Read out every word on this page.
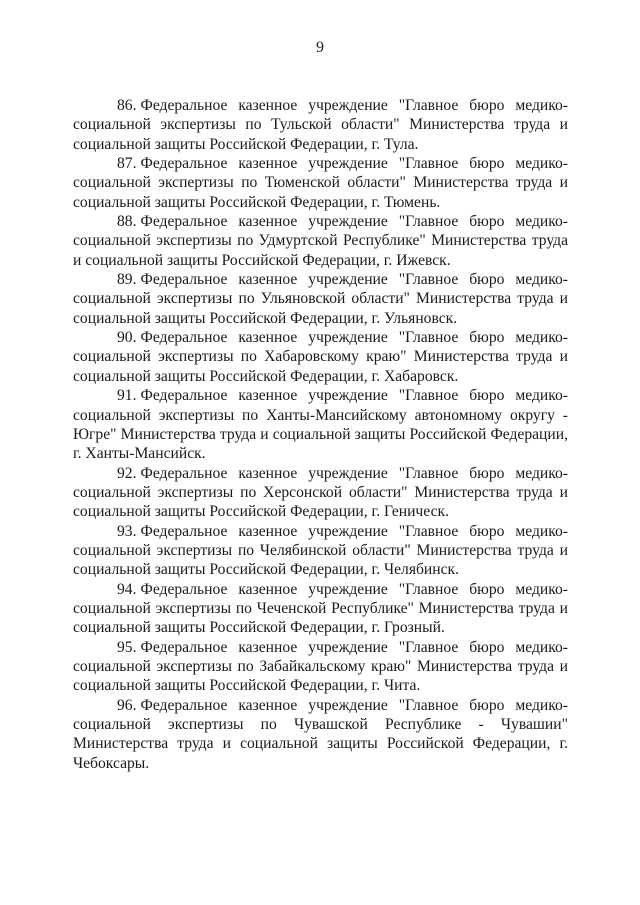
9

86. Федеральное казенное учреждение "Главное бюро медико-социальной экспертизы по Тульской области" Министерства труда и социальной защиты Российской Федерации, г. Тула.

87. Федеральное казенное учреждение "Главное бюро медико-социальной экспертизы по Тюменской области" Министерства труда и социальной защиты Российской Федерации, г. Тюмень.

88. Федеральное казенное учреждение "Главное бюро медико-социальной экспертизы по Удмуртской Республике" Министерства труда и социальной защиты Российской Федерации, г. Ижевск.

89. Федеральное казенное учреждение "Главное бюро медико-социальной экспертизы по Ульяновской области" Министерства труда и социальной защиты Российской Федерации, г. Ульяновск.

90. Федеральное казенное учреждение "Главное бюро медико-социальной экспертизы по Хабаровскому краю" Министерства труда и социальной защиты Российской Федерации, г. Хабаровск.

91. Федеральное казенное учреждение "Главное бюро медико-социальной экспертизы по Ханты-Мансийскому автономному округу - Югре" Министерства труда и социальной защиты Российской Федерации, г. Ханты-Мансийск.

92. Федеральное казенное учреждение "Главное бюро медико-социальной экспертизы по Херсонской области" Министерства труда и социальной защиты Российской Федерации, г. Геническ.

93. Федеральное казенное учреждение "Главное бюро медико-социальной экспертизы по Челябинской области" Министерства труда и социальной защиты Российской Федерации, г. Челябинск.

94. Федеральное казенное учреждение "Главное бюро медико-социальной экспертизы по Чеченской Республике" Министерства труда и социальной защиты Российской Федерации, г. Грозный.

95. Федеральное казенное учреждение "Главное бюро медико-социальной экспертизы по Забайкальскому краю" Министерства труда и социальной защиты Российской Федерации, г. Чита.

96. Федеральное казенное учреждение "Главное бюро медико-социальной экспертизы по Чувашской Республике - Чувашии" Министерства труда и социальной защиты Российской Федерации, г. Чебоксары.
